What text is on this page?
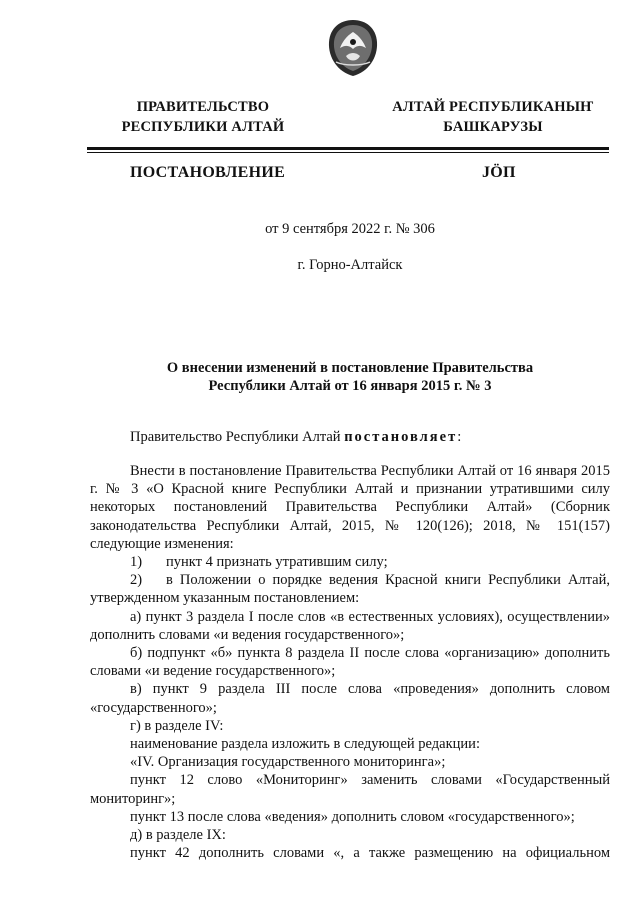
ПРАВИТЕЛЬСТВО
РЕСПУБЛИКИ АЛТАЙ
АЛТАЙ РЕСПУБЛИКАНЫҤ
БАШКАРУЗЫ
ПОСТАНОВЛЕНИЕ	JӦП
от 9 сентября 2022 г. № 306
г. Горно-Алтайск
О внесении изменений в постановление Правительства
Республики Алтай от 16 января 2015 г. № 3
Правительство Республики Алтай постановляет:
Внести в постановление Правительства Республики Алтай от 16 января 2015 г. № 3 «О Красной книге Республики Алтай и признании утратившими силу некоторых постановлений Правительства Республики Алтай» (Сборник законодательства Республики Алтай, 2015, № 120(126); 2018, № 151(157) следующие изменения:
1) пункт 4 признать утратившим силу;
2) в Положении о порядке ведения Красной книги Республики Алтай, утвержденном указанным постановлением:
а) пункт 3 раздела I после слов «в естественных условиях), осуществлении» дополнить словами «и ведения государственного»;
б) подпункт «б» пункта 8 раздела II после слова «организацию» дополнить словами «и ведение государственного»;
в) пункт 9 раздела III после слова «проведения» дополнить словом «государственного»;
г) в разделе IV:
наименование раздела изложить в следующей редакции:
«IV. Организация государственного мониторинга»;
пункт 12 слово «Мониторинг» заменить словами «Государственный мониторинг»;
пункт 13 после слова «ведения» дополнить словом «государственного»;
д) в разделе IX:
пункт 42 дополнить словами «, а также размещению на официальном
